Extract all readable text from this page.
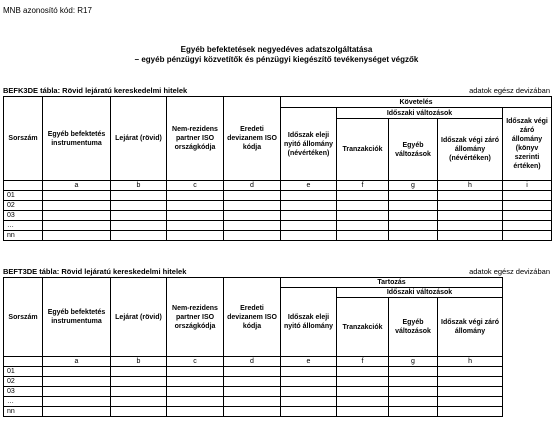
MNB azonosító kód: R17
Egyéb befektetések negyedéves adatszolgáltatása
– egyéb pénzügyi közvetítők és pénzügyi kiegészítő tevékenységet végzők
BEFK3DE tábla: Rövid lejáratú kereskedelmi hitelek	adatok egész devizában
Sorszám	Egyéb befektetés instrumentuma	Lejárat (rövid)	Nem-rezidens partner ISO országkódja	Eredeti devizanem ISO kódja	Követelés				
					Időszak eleji nyitó állomány (névértéken)	Időszaki változások			Időszak végi záró állomány (könyv szerinti értéken)
						Tranzakciók	Egyéb változások	Időszak végi záró állomány (névértéken)	
	a	b	c	d	e	f	g	h	i
01									
02									
03									
…									
nn									
BEFT3DE tábla: Rövid lejáratú kereskedelmi hitelek	adatok egész devizában
Sorszám	Egyéb befektetés instrumentuma	Lejárat (rövid)	Nem-rezidens partner ISO országkódja	Eredeti devizanem ISO kódja	Tartozás			
					Időszak eleji nyitó állomány	Időszaki változások		
						Tranzakciók	Egyéb változások	Időszak végi záró állomány
	a	b	c	d	e	f	g	h
01								
02								
03								
…								
nn								
